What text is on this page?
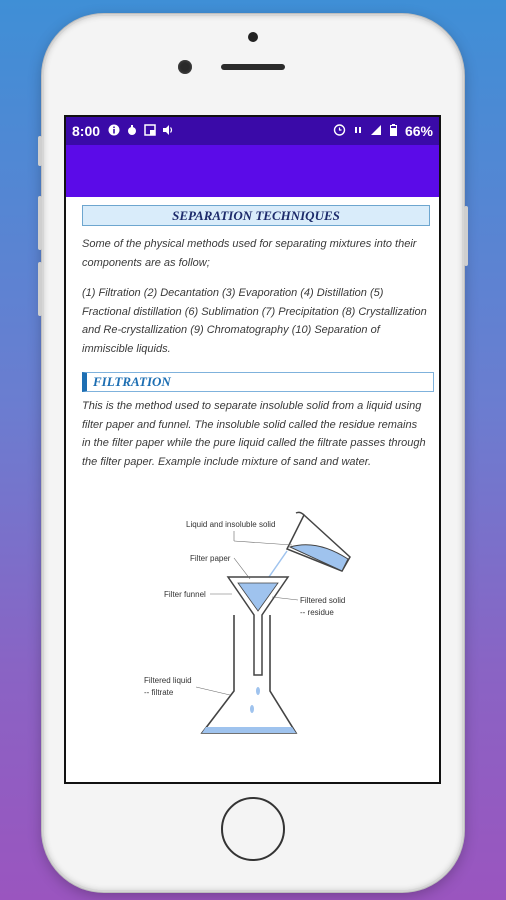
8:00	66%
SEPARATION TECHNIQUES

Some of the physical methods used for separating mixtures into their components are as follow;

(1) Filtration (2) Decantation (3) Evaporation (4) Distillation (5) Fractional distillation (6) Sublimation (7) Precipitation (8) Crystallization and Re-crystallization (9) Chromatography (10) Separation of immiscible liquids.

FILTRATION

This is the method used to separate insoluble solid from a liquid using filter paper and funnel. The insoluble solid called the residue remains in the filter paper while the pure liquid called the filtrate passes through the filter paper. Example include mixture of sand and water.

Liquid and insoluble solid
Filter paper
Filter funnel
Filtered solid
-- residue
Filtered liquid
-- filtrate
